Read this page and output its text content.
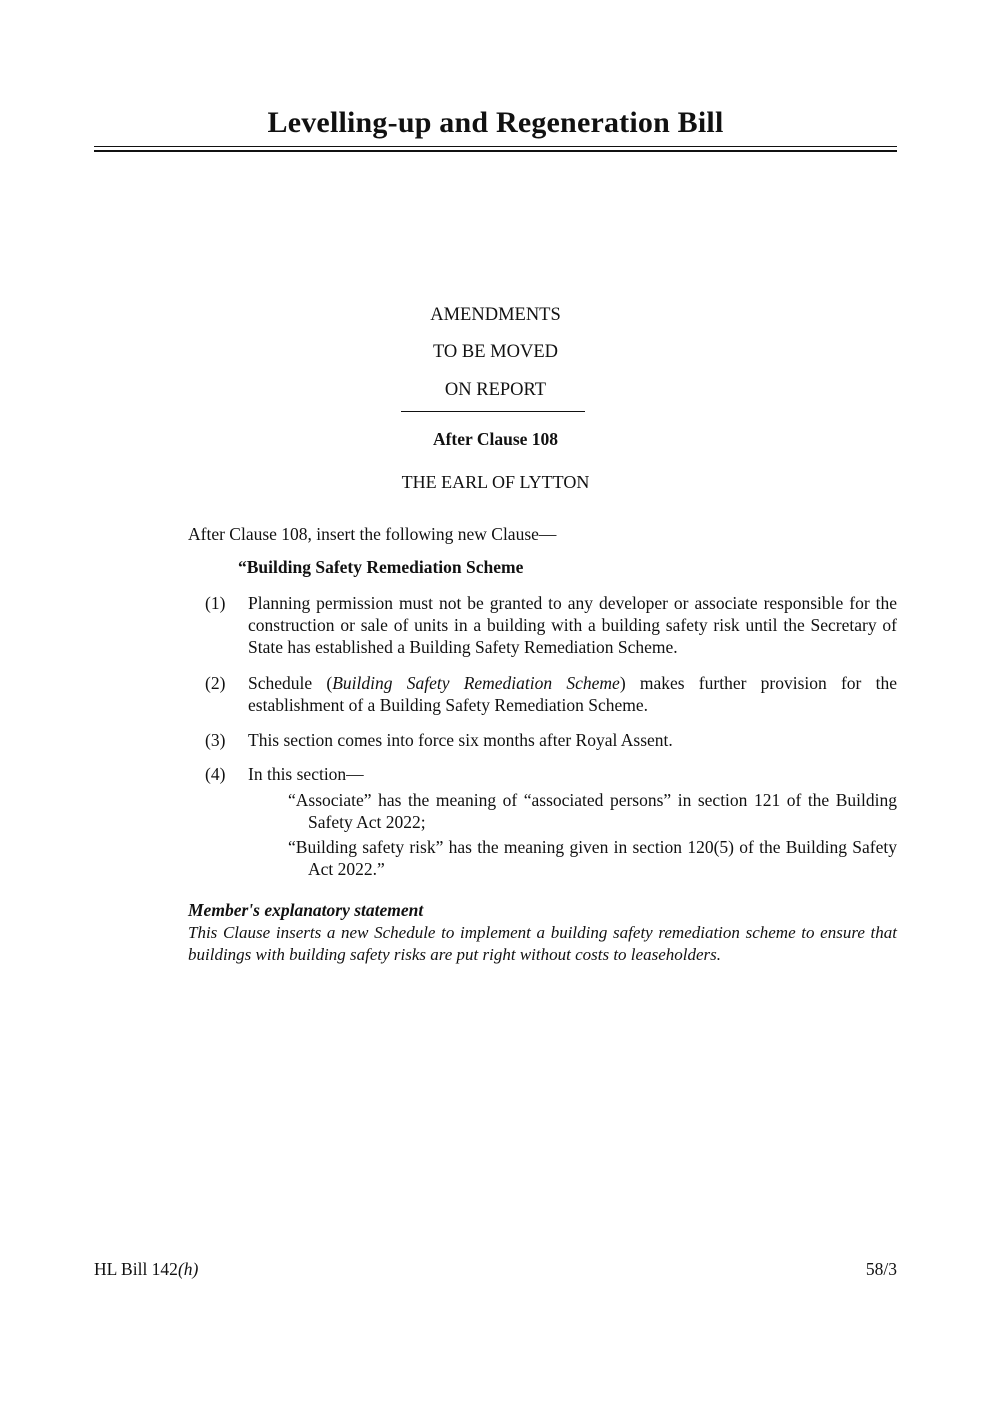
Levelling-up and Regeneration Bill
AMENDMENTS
TO BE MOVED
ON REPORT
After Clause 108
THE EARL OF LYTTON
After Clause 108, insert the following new Clause—
“Building Safety Remediation Scheme
(1)	Planning permission must not be granted to any developer or associate responsible for the construction or sale of units in a building with a building safety risk until the Secretary of State has established a Building Safety Remediation Scheme.
(2)	Schedule (Building Safety Remediation Scheme) makes further provision for the establishment of a Building Safety Remediation Scheme.
(3)	This section comes into force six months after Royal Assent.
(4)	In this section—
“Associate” has the meaning of “associated persons” in section 121 of the Building Safety Act 2022;
“Building safety risk” has the meaning given in section 120(5) of the Building Safety Act 2022.”
Member's explanatory statement
This Clause inserts a new Schedule to implement a building safety remediation scheme to ensure that buildings with building safety risks are put right without costs to leaseholders.
HL Bill 142(h)	58/3
